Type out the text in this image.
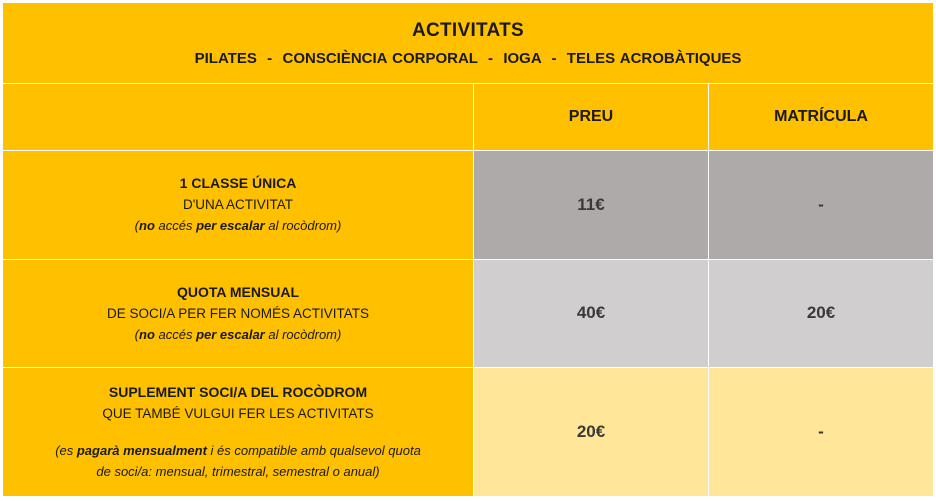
ACTIVITATS
PILATES  -  CONSCIÈNCIA CORPORAL  -  IOGA  -  TELES ACROBÀTIQUES		

	PREU	MATRÍCULA

1 CLASSE ÚNICA
D'UNA ACTIVITAT
(no accés per escalar al rocòdrom)	11€	-

QUOTA MENSUAL
DE SOCI/A PER FER NOMÉS ACTIVITATS
(no accés per escalar al rocòdrom)	40€	20€

SUPLEMENT SOCI/A DEL ROCÒDROM
QUE TAMBÉ VULGUI FER LES ACTIVITATS
(es pagarà mensualment i és compatible amb qualsevol quota
de soci/a: mensual, trimestral, semestral o anual)	20€	-
